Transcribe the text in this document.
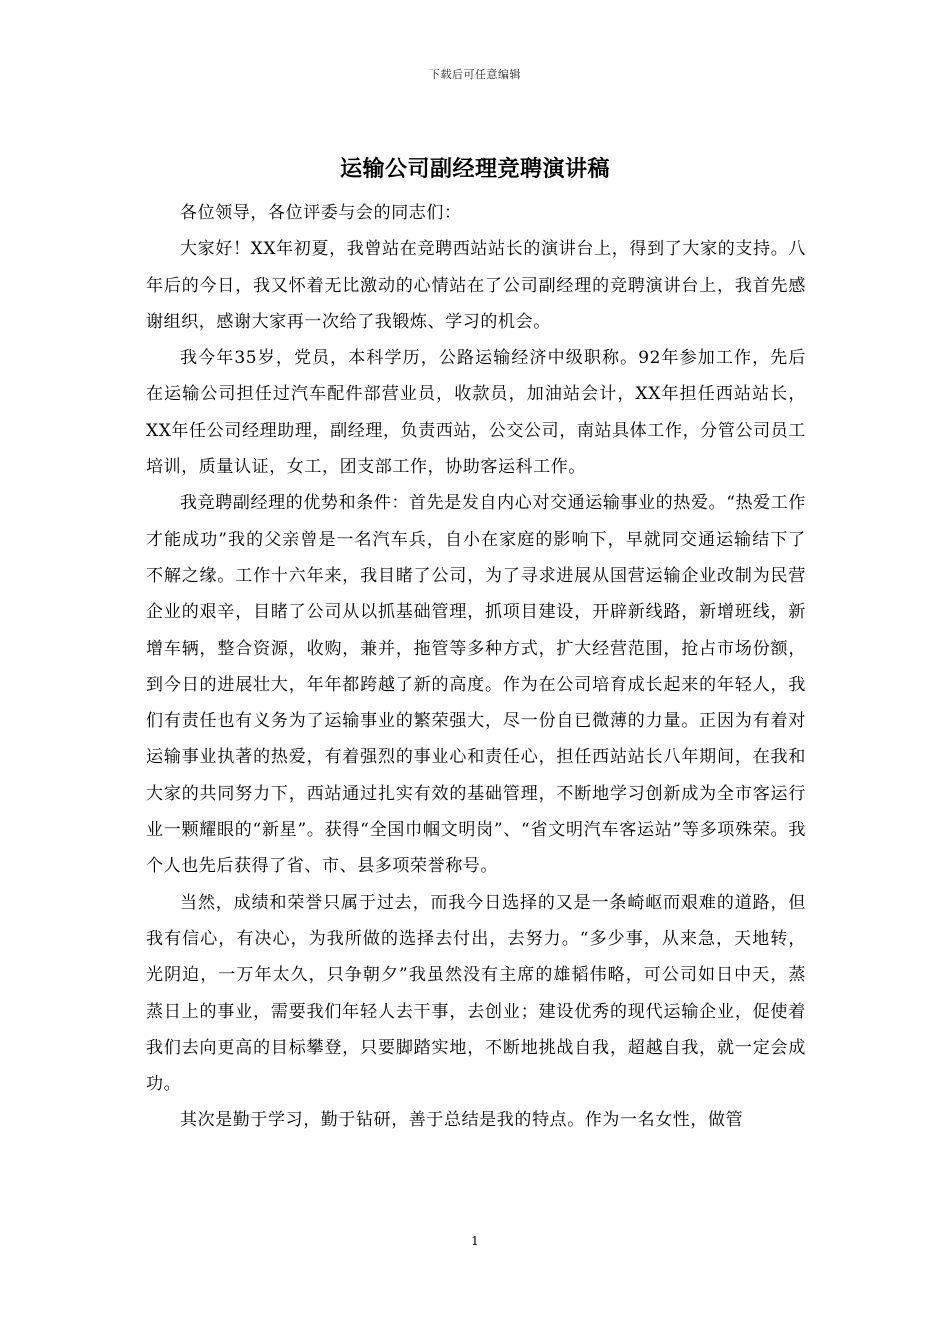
下载后可任意编辑
运输公司副经理竞聘演讲稿

各位领导，各位评委与会的同志们：

大家好！XX年初夏，我曾站在竞聘西站站长的演讲台上，得到了大家的支持。八年后的今日，我又怀着无比激动的心情站在了公司副经理的竞聘演讲台上，我首先感谢组织，感谢大家再一次给了我锻炼、学习的机会。

我今年35岁，党员，本科学历，公路运输经济中级职称。92年参加工作，先后在运输公司担任过汽车配件部营业员，收款员，加油站会计，XX年担任西站站长，XX年任公司经理助理，副经理，负责西站，公交公司，南站具体工作，分管公司员工培训，质量认证，女工，团支部工作，协助客运科工作。

我竞聘副经理的优势和条件：首先是发自内心对交通运输事业的热爱。“热爱工作才能成功”我的父亲曾是一名汽车兵，自小在家庭的影响下，早就同交通运输结下了不解之缘。工作十六年来，我目睹了公司，为了寻求进展从国营运输企业改制为民营企业的艰辛，目睹了公司从以抓基础管理，抓项目建设，开辟新线路，新增班线，新增车辆，整合资源，收购，兼并，拖管等多种方式，扩大经营范围，抢占市场份额，到今日的进展壮大，年年都跨越了新的高度。作为在公司培育成长起来的年轻人，我们有责任也有义务为了运输事业的繁荣强大，尽一份自已微薄的力量。正因为有着对运输事业执著的热爱，有着强烈的事业心和责任心，担任西站站长八年期间，在我和大家的共同努力下，西站通过扎实有效的基础管理，不断地学习创新成为全市客运行业一颗耀眼的“新星”。获得“全国巾帼文明岗”、“省文明汽车客运站”等多项殊荣。我个人也先后获得了省、市、县多项荣誉称号。

当然，成绩和荣誉只属于过去，而我今日选择的又是一条崎岖而艰难的道路，但我有信心，有决心，为我所做的选择去付出，去努力。“多少事，从来急，天地转，光阴迫，一万年太久，只争朝夕”我虽然没有主席的雄韬伟略，可公司如日中天，蒸蒸日上的事业，需要我们年轻人去干事，去创业；建设优秀的现代运输企业，促使着我们去向更高的目标攀登，只要脚踏实地，不断地挑战自我，超越自我，就一定会成功。

其次是勤于学习，勤于钻研，善于总结是我的特点。作为一名女性，做管

1
